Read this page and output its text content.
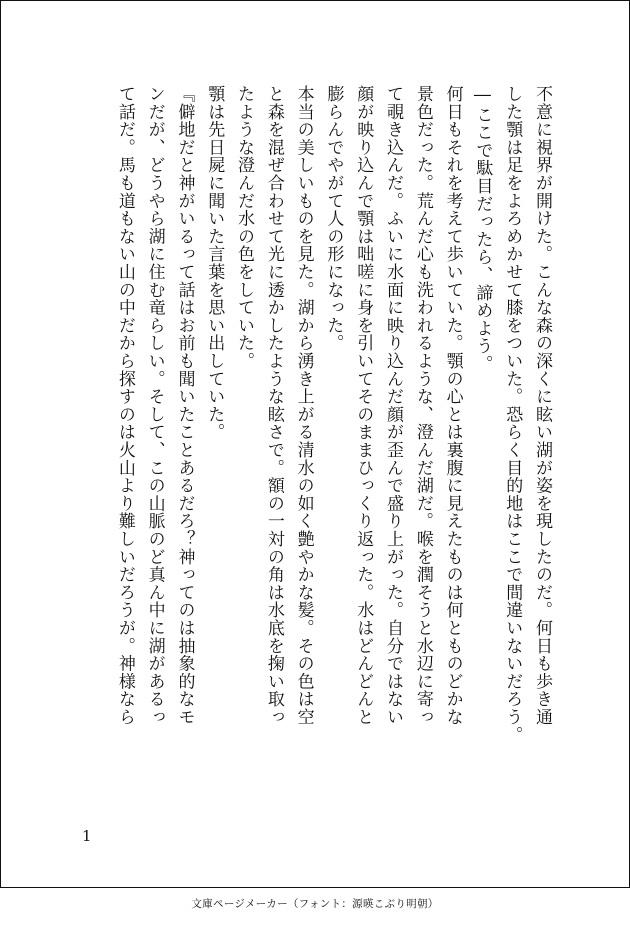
不意に視界が開けた。こんな森の深くに眩い湖が姿を現したのだ。何日も歩き通

した顎は足をよろめかせて膝をついた。恐らく目的地はここで間違いないだろう。

―ここで駄目だったら、諦めよう。

何日もそれを考えて歩いていた。顎の心とは裏腹に見えたものは何とものどかな

景色だった。荒んだ心も洗われるような、澄んだ湖だ。喉を潤そうと水辺に寄っ

て覗き込んだ。ふいに水面に映り込んだ顔が歪んで盛り上がった。自分ではない

顔が映り込んで顎は咄嗟に身を引いてそのままひっくり返った。水はどんどんと

膨らんでやがて人の形になった。

本当の美しいものを見た。湖から湧き上がる清水の如く艶やかな髪。その色は空

と森を混ぜ合わせて光に透かしたような眩さで。額の一対の角は水底を掬い取っ

たような澄んだ水の色をしていた。

顎は先日屍に聞いた言葉を思い出していた。

『僻地だと神がいるって話はお前も聞いたことあるだろ？神ってのは抽象的なモ

ンだが、どうやら湖に住む竜らしい。そして、この山脈のど真ん中に湖があるっ

て話だ。馬も道もない山の中だから探すのは火山より難しいだろうが。神様なら

1
文庫ページメーカー（フォント：源暎こぶり明朝）
